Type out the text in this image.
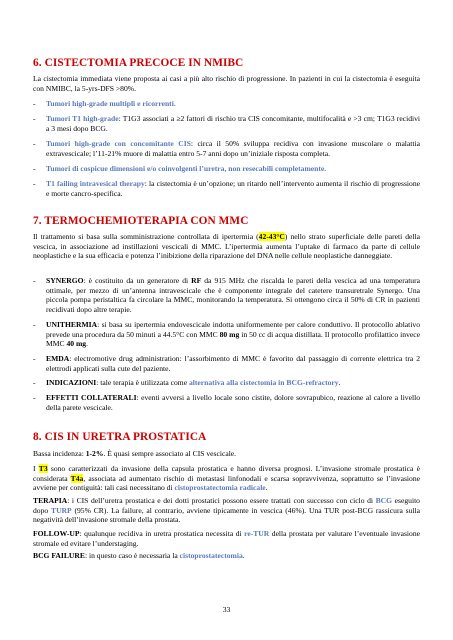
6. CISTECTOMIA PRECOCE IN NMIBC
La cistectomia immediata viene proposta ai casi a più alto rischio di progressione. In pazienti in cui la cistectomia è eseguita con NMIBC, la 5-yrs-DFS >80%.
- Tumori high-grade multipli e ricorrenti.
- Tumori T1 high-grade: T1G3 associati a ≥2 fattori di rischio tra CIS concomitante, multifocalità e >3 cm; T1G3 recidivi a 3 mesi dopo BCG.
- Tumori high-grade con concomitante CIS: circa il 50% sviluppa recidiva con invasione muscolare o malattia extravescicale; l’11-21% muore di malattia entro 5-7 anni dopo un’iniziale risposta completa.
- Tumori di cospicue dimensioni e/o coinvolgenti l’uretra, non resecabili completamente.
- T1 failing intravesical therapy: la cistectomia è un’opzione; un ritardo nell’intervento aumenta il rischio di progressione e morte cancro-specifica.
7. TERMOCHEMIOTERAPIA CON MMC
Il trattamento si basa sulla somministrazione controllata di ipertermia (42-43°C) nello strato superficiale delle pareti della vescica, in associazione ad instillazioni vescicali di MMC. L’ipertermia aumenta l’uptake di farmaco da parte di cellule neoplastiche e la sua efficacia e potenza l’inibizione della riparazione del DNA nelle cellule neoplastiche danneggiate.
- SYNERGO: è costituito da un generatore di RF da 915 MHz che riscalda le pareti della vescica ad una temperatura ottimale, per mezzo di un’antenna intravescicale che è componente integrale del catetere transuretrale Synergo. Una piccola pompa peristaltica fa circolare la MMC, monitorando la temperatura. Si ottengono circa il 50% di CR in pazienti recidivati dopo altre terapie.
- UNITHERMIA: si basa su ipertermia endovescicale indotta uniformemente per calore conduttivo. Il protocollo ablativo prevede una procedura da 50 minuti a 44.5°C con MMC 80 mg in 50 cc di acqua distillata. Il protocollo profilattico invece MMC 40 mg.
- EMDA: electromotive drug administration: l’assorbimento di MMC è favorito dal passaggio di corrente elettrica tra 2 elettrodi applicati sulla cute del paziente.
- INDICAZIONI: tale terapia è utilizzata come alternativa alla cistectomia in BCG-refractory.
- EFFETTI COLLATERALI: eventi avversi a livello locale sono cistite, dolore sovrapubico, reazione al calore a livello della parete vescicale.
8. CIS IN URETRA PROSTATICA
Bassa incidenza: 1-2%. È quasi sempre associato al CIS vescicale.
I T3 sono caratterizzati da invasione della capsula prostatica e hanno diversa prognosi. L’invasione stromale prostatica è considerata T4a, associata ad aumentato rischio di metastasi linfonodali e scarsa sopravvivenza, soprattutto se l’invasione avviene per contiguità: tali casi necessitano di cistoprostatectomia radicale.
TERAPIA: i CIS dell’uretra prostatica e dei dotti prostatici possono essere trattati con successo con ciclo di BCG eseguito dopo TURP (95% CR). La failure, al contrario, avviene tipicamente in vescica (46%). Una TUR post-BCG rassicura sulla negatività dell’invasione stromale della prostata.
FOLLOW-UP: qualunque recidiva in uretra prostatica necessita di re-TUR della prostata per valutare l’eventuale invasione stromale ed evitare l’understaging.
BCG FAILURE: in questo caso è necessaria la cistoprostatectomia.
33
